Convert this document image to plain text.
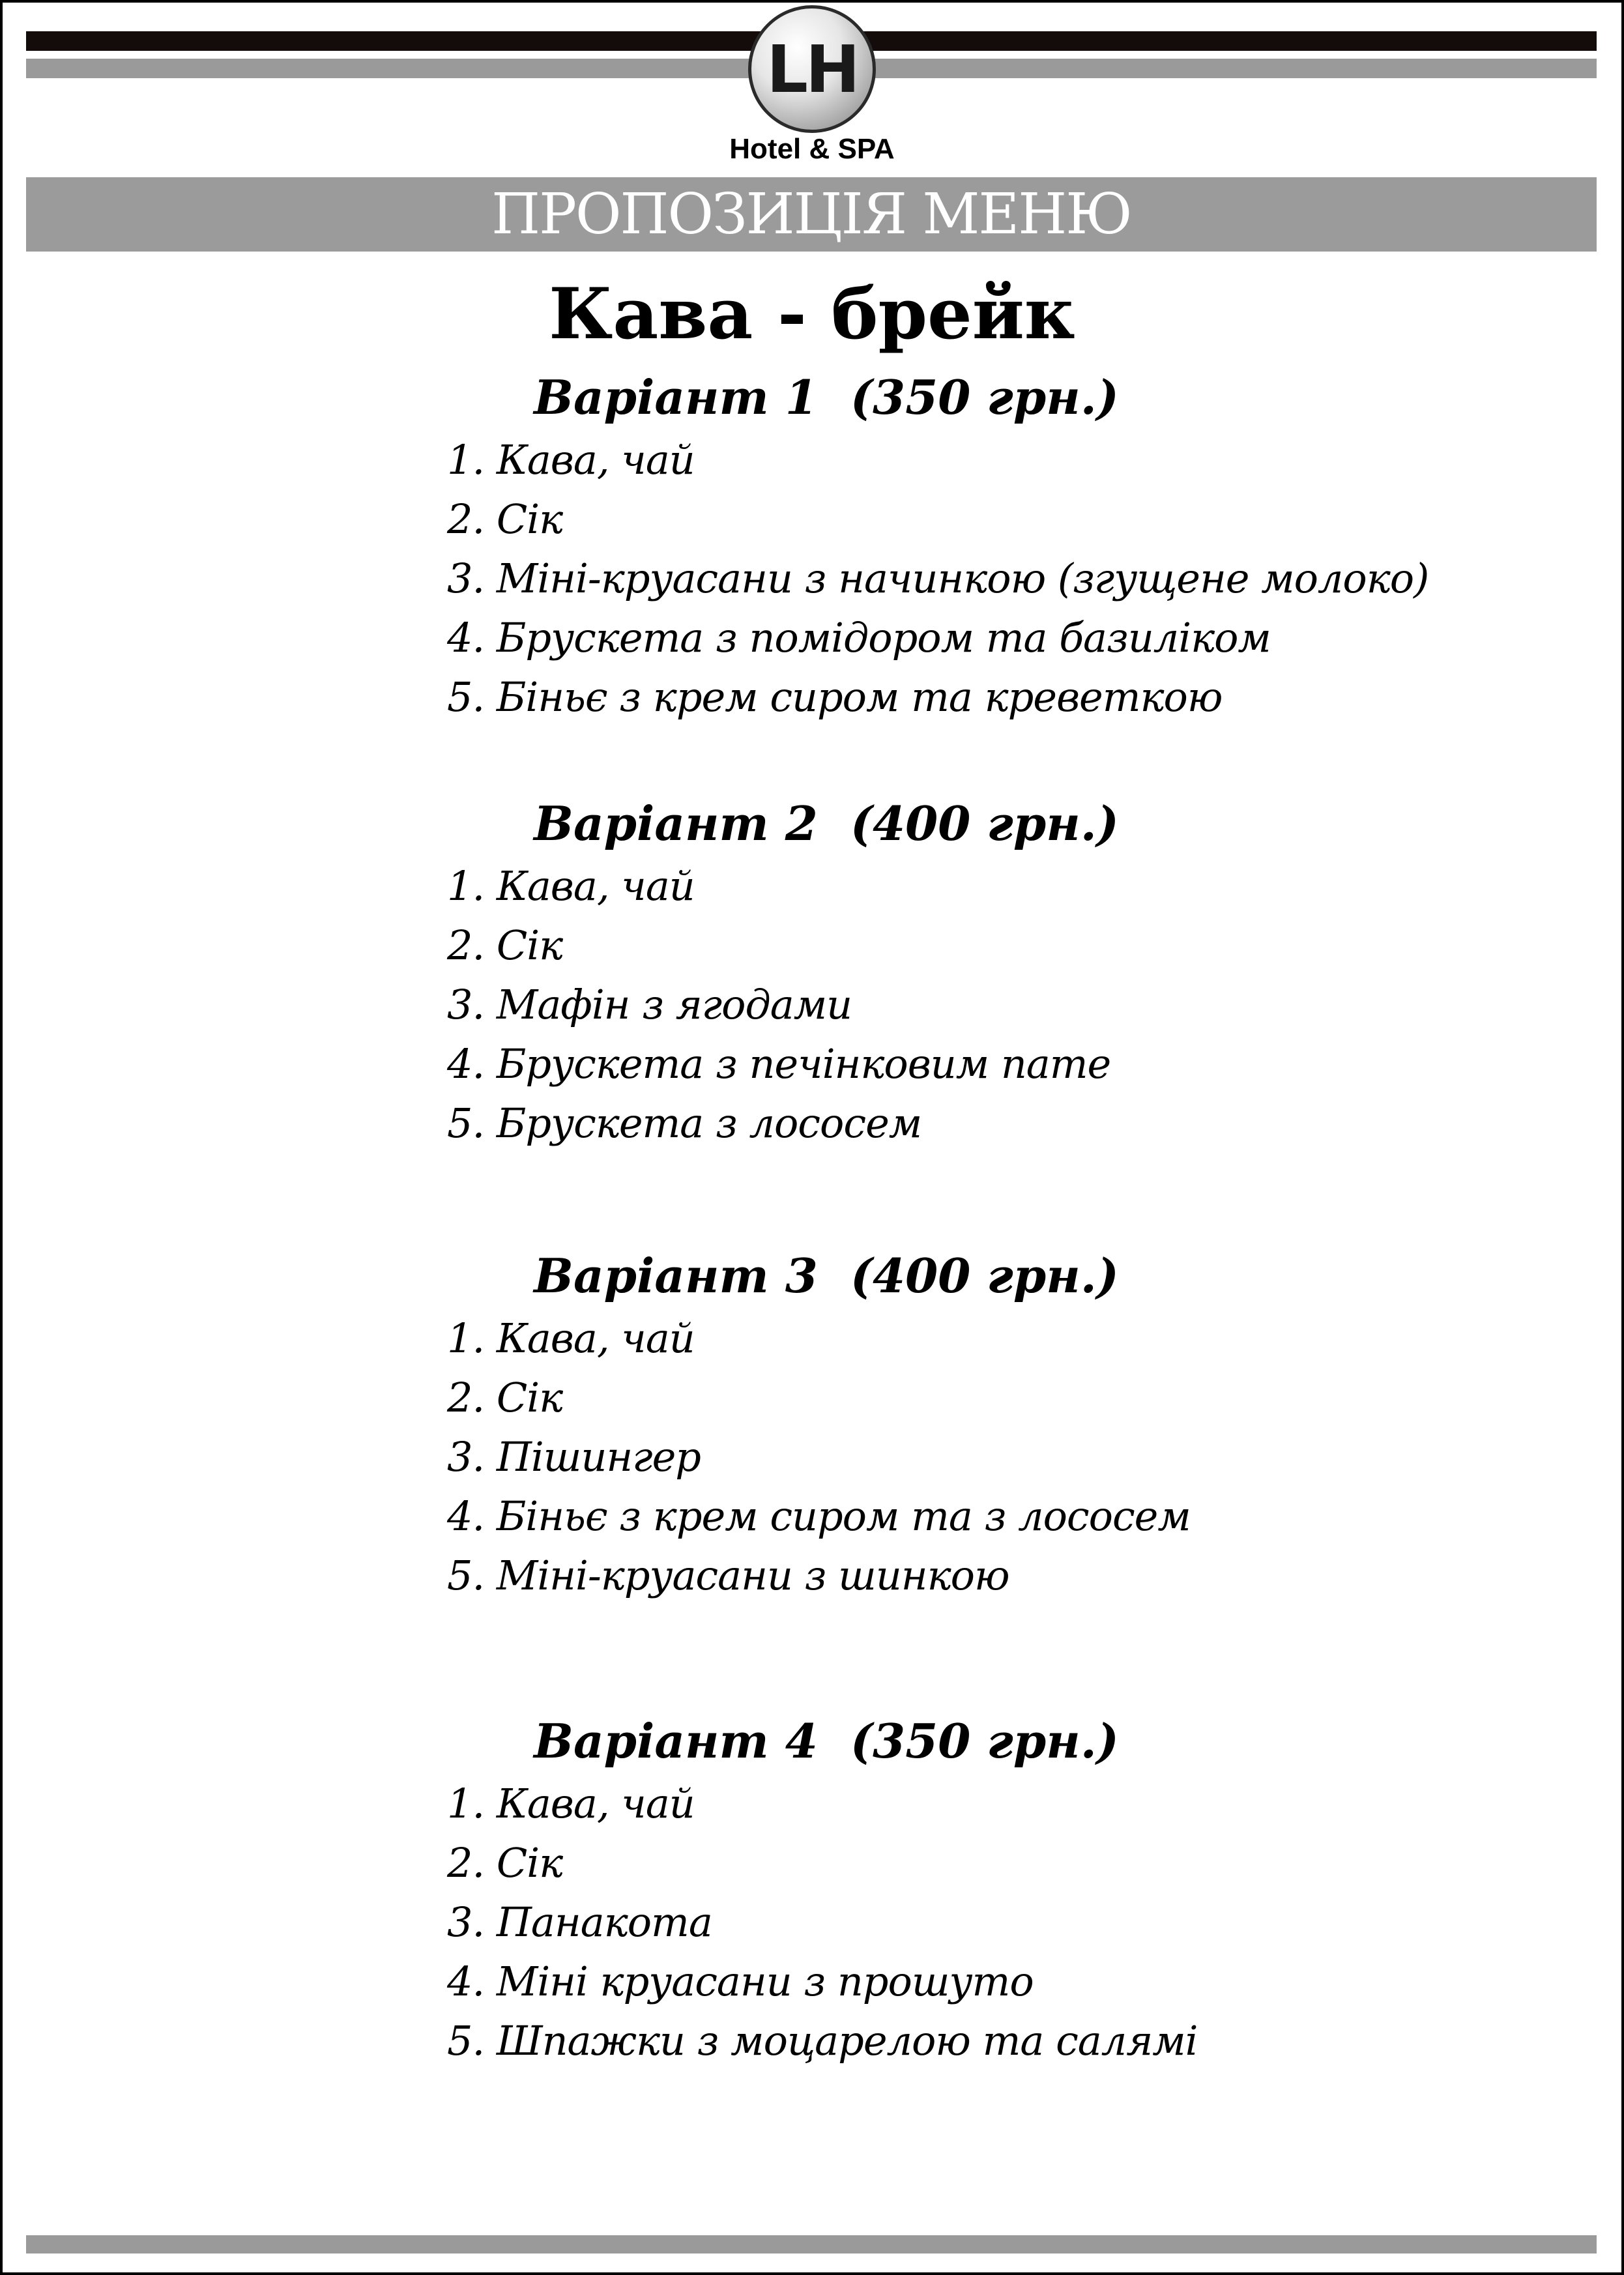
LH
Hotel & SPA
ПРОПОЗИЦІЯ МЕНЮ
Кава - брейк
Варіант 1  (350 грн.)
1. Кава, чай
2. Сік
3. Міні-круасани з начинкою (згущене молоко)
4. Брускета з помідором та базиліком
5. Біньє з крем сиром та креветкою
Варіант 2  (400 грн.)
1. Кава, чай
2. Сік
3. Мафін з ягодами
4. Брускета з печінковим пате
5. Брускета з лососем
Варіант 3  (400 грн.)
1. Кава, чай
2. Сік
3. Пішингер
4. Біньє з крем сиром та з лососем
5. Міні-круасани з шинкою
Варіант 4  (350 грн.)
1. Кава, чай
2. Сік
3. Панакота
4. Міні круасани з прошуто
5. Шпажки з моцарелою та салямі
